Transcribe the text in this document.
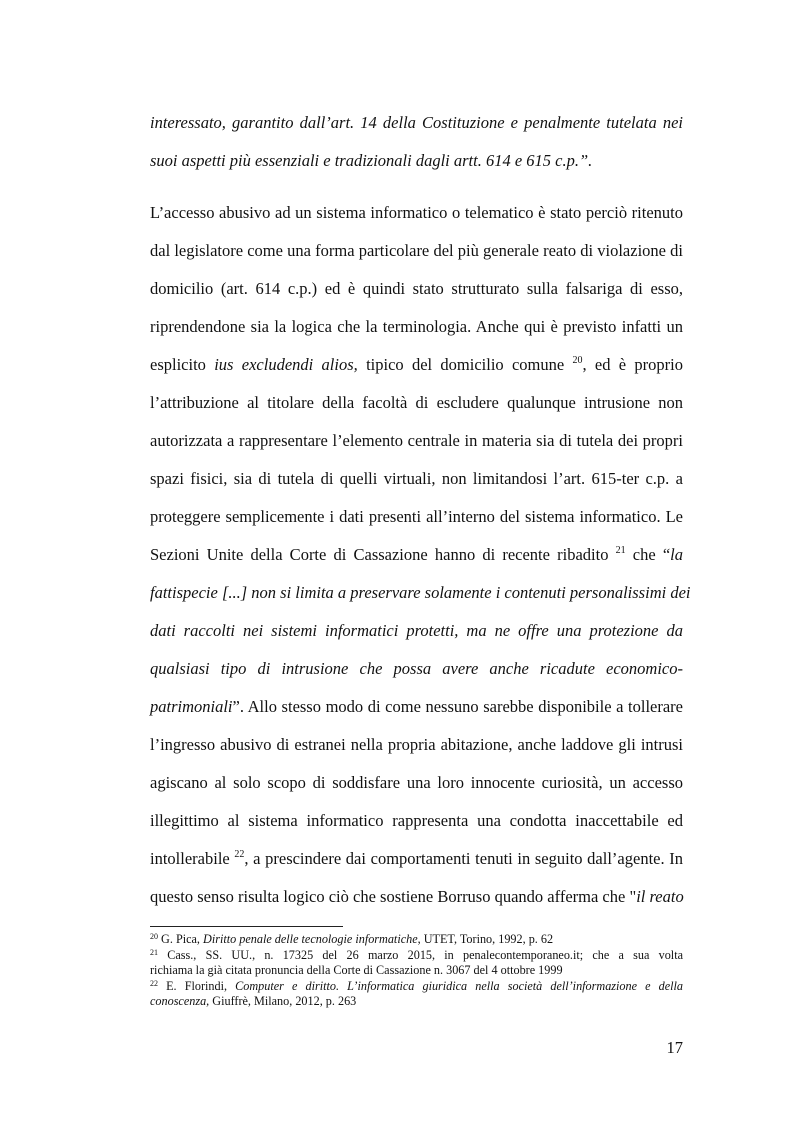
interessato, garantito dall’art. 14 della Costituzione e penalmente tutelata nei
suoi aspetti più essenziali e tradizionali dagli artt. 614 e 615 c.p.”.
L’accesso abusivo ad un sistema informatico o telematico è stato perciò ritenuto
dal legislatore come una forma particolare del più generale reato di violazione di
domicilio (art. 614 c.p.) ed è quindi stato strutturato sulla falsariga di esso,
riprendendone sia la logica che la terminologia. Anche qui è previsto infatti un
esplicito ius excludendi alios, tipico del domicilio comune $^{20}$, ed è proprio
l’attribuzione al titolare della facoltà di escludere qualunque intrusione non
autorizzata a rappresentare l’elemento centrale in materia sia di tutela dei propri
spazi fisici, sia di tutela di quelli virtuali, non limitandosi l’art. 615-ter c.p. a
proteggere semplicemente i dati presenti all’interno del sistema informatico. Le
Sezioni Unite della Corte di Cassazione hanno di recente ribadito $^{21}$ che “la
fattispecie [...] non si limita a preservare solamente i contenuti personalissimi dei
dati raccolti nei sistemi informatici protetti, ma ne offre una protezione da
qualsiasi tipo di intrusione che possa avere anche ricadute economico-
patrimoniali”. Allo stesso modo di come nessuno sarebbe disponibile a tollerare
l’ingresso abusivo di estranei nella propria abitazione, anche laddove gli intrusi
agiscano al solo scopo di soddisfare una loro innocente curiosità, un accesso
illegittimo al sistema informatico rappresenta una condotta inaccettabile ed
intollerabile $^{22}$, a prescindere dai comportamenti tenuti in seguito dall’agente. In
questo senso risulta logico ciò che sostiene Borruso quando afferma che "il reato
$^{20}$ G. Pica, Diritto penale delle tecnologie informatiche, UTET, Torino, 1992, p. 62
$^{21}$ Cass., SS. UU., n. 17325 del 26 marzo 2015, in penalecontemporaneo.it; che a sua volta
richiama la già citata pronuncia della Corte di Cassazione n. 3067 del 4 ottobre 1999
$^{22}$ E. Florindi, Computer e diritto. L’informatica giuridica nella società dell’informazione e della
conoscenza, Giuffrè, Milano, 2012, p. 263
17
